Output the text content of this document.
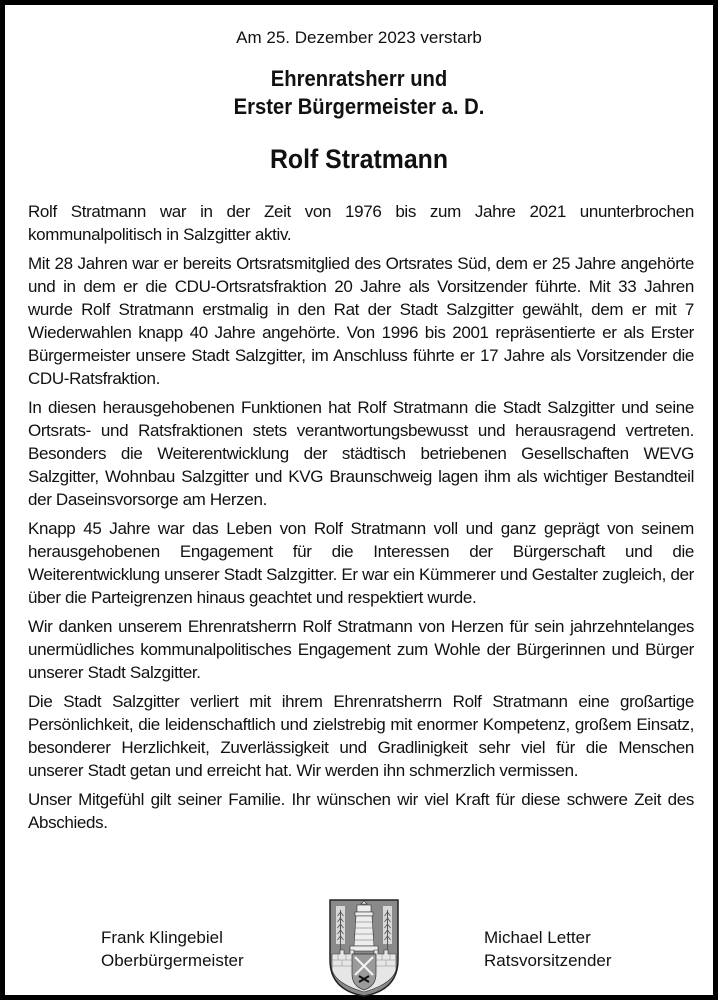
Am 25. Dezember 2023 verstarb
Ehrenratsherr und
Erster Bürgermeister a. D.
Rolf Stratmann

Rolf Stratmann war in der Zeit von 1976 bis zum Jahre 2021 ununterbrochen kommunalpolitisch in Salzgitter aktiv.

Mit 28 Jahren war er bereits Ortsratsmitglied des Ortsrates Süd, dem er 25 Jahre angehörte und in dem er die CDU-Ortsratsfraktion 20 Jahre als Vorsitzender führte. Mit 33 Jahren wurde Rolf Stratmann erstmalig in den Rat der Stadt Salzgitter gewählt, dem er mit 7 Wiederwahlen knapp 40 Jahre angehörte. Von 1996 bis 2001 repräsentierte er als Erster Bürgermeister unsere Stadt Salzgitter, im Anschluss führte er 17 Jahre als Vorsitzender die CDU-Ratsfraktion.

In diesen herausgehobenen Funktionen hat Rolf Stratmann die Stadt Salzgitter und seine Ortsrats- und Ratsfraktionen stets verantwortungsbewusst und herausragend vertreten. Besonders die Weiterentwicklung der städtisch betriebenen Gesellschaften WEVG Salzgitter, Wohnbau Salzgitter und KVG Braunschweig lagen ihm als wichtiger Bestandteil der Daseinsvorsorge am Herzen.

Knapp 45 Jahre war das Leben von Rolf Stratmann voll und ganz geprägt von seinem herausgehobenen Engagement für die Interessen der Bürgerschaft und die Weiterentwicklung unserer Stadt Salzgitter. Er war ein Kümmerer und Gestalter zugleich, der über die Parteigrenzen hinaus geachtet und respektiert wurde.

Wir danken unserem Ehrenratsherrn Rolf Stratmann von Herzen für sein jahrzehntelanges unermüdliches kommunalpolitisches Engagement zum Wohle der Bürgerinnen und Bürger unserer Stadt Salzgitter.

Die Stadt Salzgitter verliert mit ihrem Ehrenratsherrn Rolf Stratmann eine großartige Persönlichkeit, die leidenschaftlich und zielstrebig mit enormer Kompetenz, großem Einsatz, besonderer Herzlichkeit, Zuverlässigkeit und Gradlinigkeit sehr viel für die Menschen unserer Stadt getan und erreicht hat. Wir werden ihn schmerzlich vermissen.

Unser Mitgefühl gilt seiner Familie. Ihr wünschen wir viel Kraft für diese schwere Zeit des Abschieds.

Frank Klingebiel
Oberbürgermeister
Michael Letter
Ratsvorsitzender
